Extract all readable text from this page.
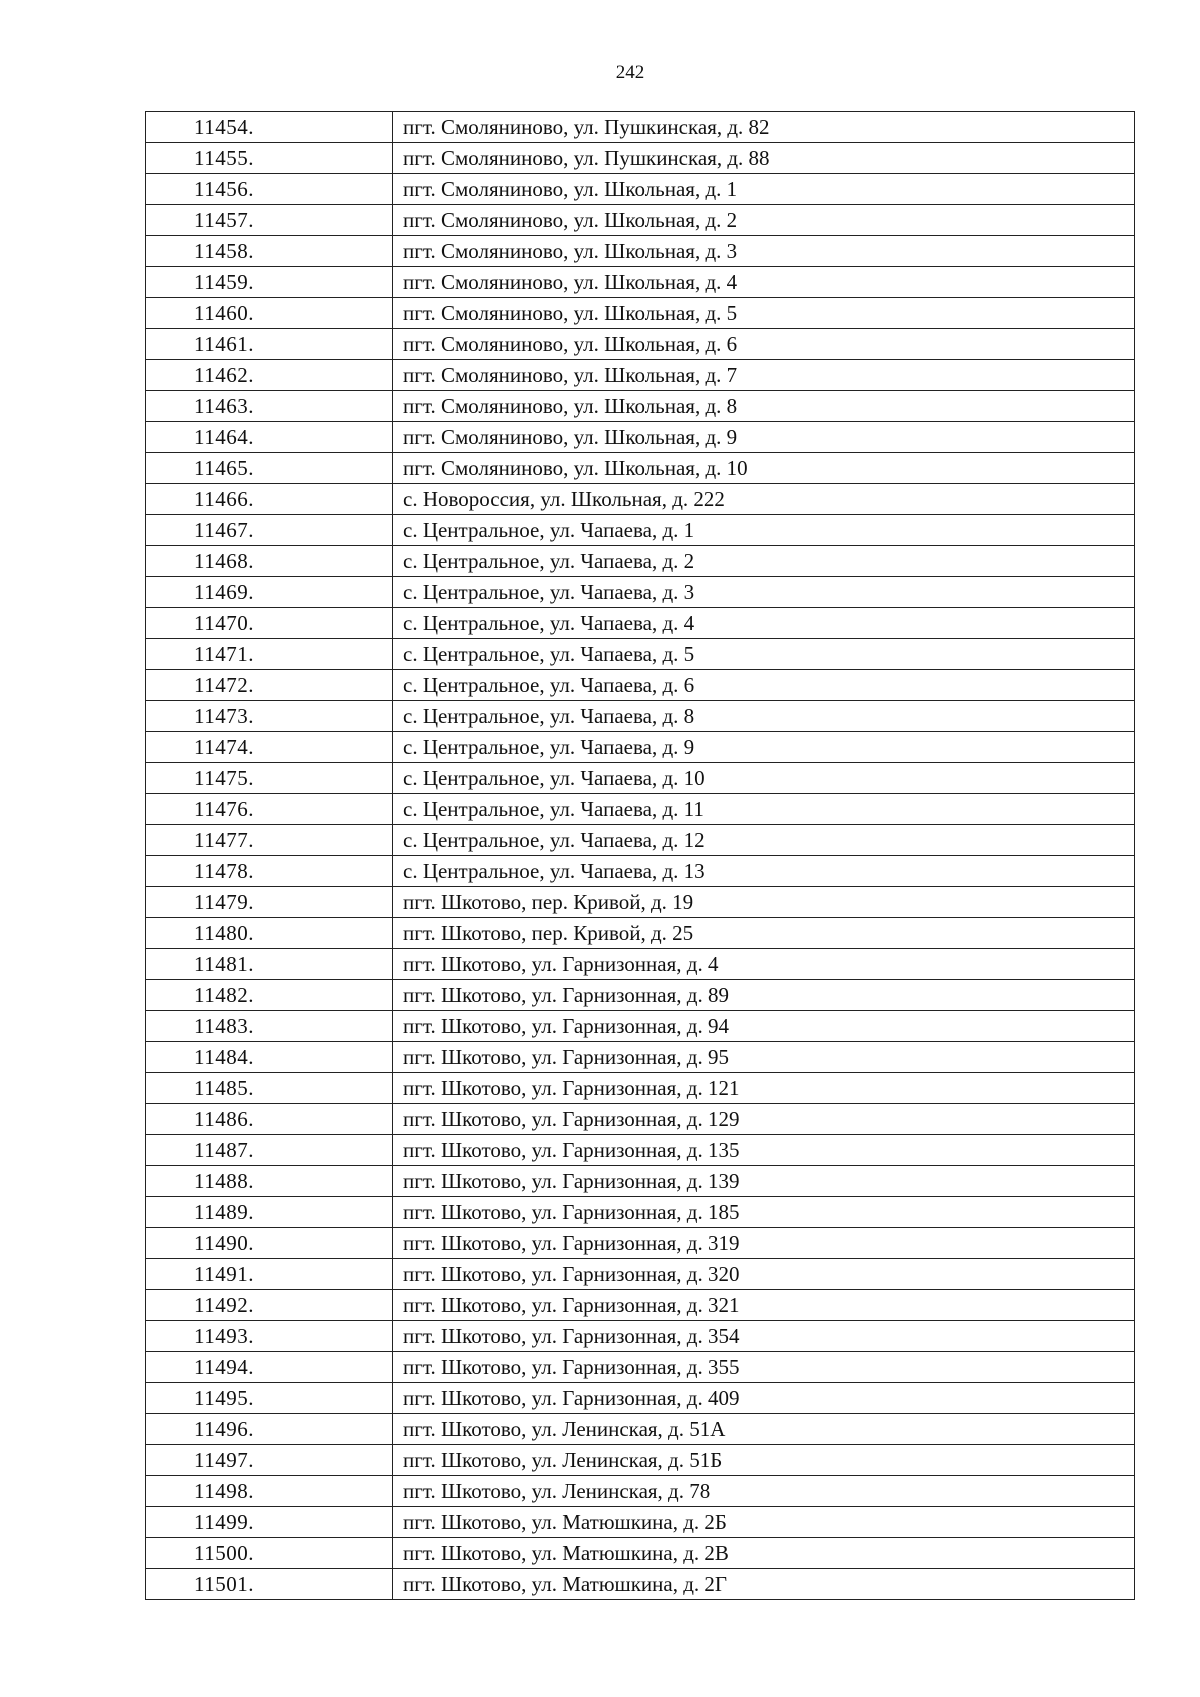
242
11454.	пгт. Смоляниново, ул. Пушкинская, д. 82
11455.	пгт. Смоляниново, ул. Пушкинская, д. 88
11456.	пгт. Смоляниново, ул. Школьная, д. 1
11457.	пгт. Смоляниново, ул. Школьная, д. 2
11458.	пгт. Смоляниново, ул. Школьная, д. 3
11459.	пгт. Смоляниново, ул. Школьная, д. 4
11460.	пгт. Смоляниново, ул. Школьная, д. 5
11461.	пгт. Смоляниново, ул. Школьная, д. 6
11462.	пгт. Смоляниново, ул. Школьная, д. 7
11463.	пгт. Смоляниново, ул. Школьная, д. 8
11464.	пгт. Смоляниново, ул. Школьная, д. 9
11465.	пгт. Смоляниново, ул. Школьная, д. 10
11466.	с. Новороссия, ул. Школьная, д. 222
11467.	с. Центральное, ул. Чапаева, д. 1
11468.	с. Центральное, ул. Чапаева, д. 2
11469.	с. Центральное, ул. Чапаева, д. 3
11470.	с. Центральное, ул. Чапаева, д. 4
11471.	с. Центральное, ул. Чапаева, д. 5
11472.	с. Центральное, ул. Чапаева, д. 6
11473.	с. Центральное, ул. Чапаева, д. 8
11474.	с. Центральное, ул. Чапаева, д. 9
11475.	с. Центральное, ул. Чапаева, д. 10
11476.	с. Центральное, ул. Чапаева, д. 11
11477.	с. Центральное, ул. Чапаева, д. 12
11478.	с. Центральное, ул. Чапаева, д. 13
11479.	пгт. Шкотово, пер. Кривой, д. 19
11480.	пгт. Шкотово, пер. Кривой, д. 25
11481.	пгт. Шкотово, ул. Гарнизонная, д. 4
11482.	пгт. Шкотово, ул. Гарнизонная, д. 89
11483.	пгт. Шкотово, ул. Гарнизонная, д. 94
11484.	пгт. Шкотово, ул. Гарнизонная, д. 95
11485.	пгт. Шкотово, ул. Гарнизонная, д. 121
11486.	пгт. Шкотово, ул. Гарнизонная, д. 129
11487.	пгт. Шкотово, ул. Гарнизонная, д. 135
11488.	пгт. Шкотово, ул. Гарнизонная, д. 139
11489.	пгт. Шкотово, ул. Гарнизонная, д. 185
11490.	пгт. Шкотово, ул. Гарнизонная, д. 319
11491.	пгт. Шкотово, ул. Гарнизонная, д. 320
11492.	пгт. Шкотово, ул. Гарнизонная, д. 321
11493.	пгт. Шкотово, ул. Гарнизонная, д. 354
11494.	пгт. Шкотово, ул. Гарнизонная, д. 355
11495.	пгт. Шкотово, ул. Гарнизонная, д. 409
11496.	пгт. Шкотово, ул. Ленинская, д. 51А
11497.	пгт. Шкотово, ул. Ленинская, д. 51Б
11498.	пгт. Шкотово, ул. Ленинская, д. 78
11499.	пгт. Шкотово, ул. Матюшкина, д. 2Б
11500.	пгт. Шкотово, ул. Матюшкина, д. 2В
11501.	пгт. Шкотово, ул. Матюшкина, д. 2Г
